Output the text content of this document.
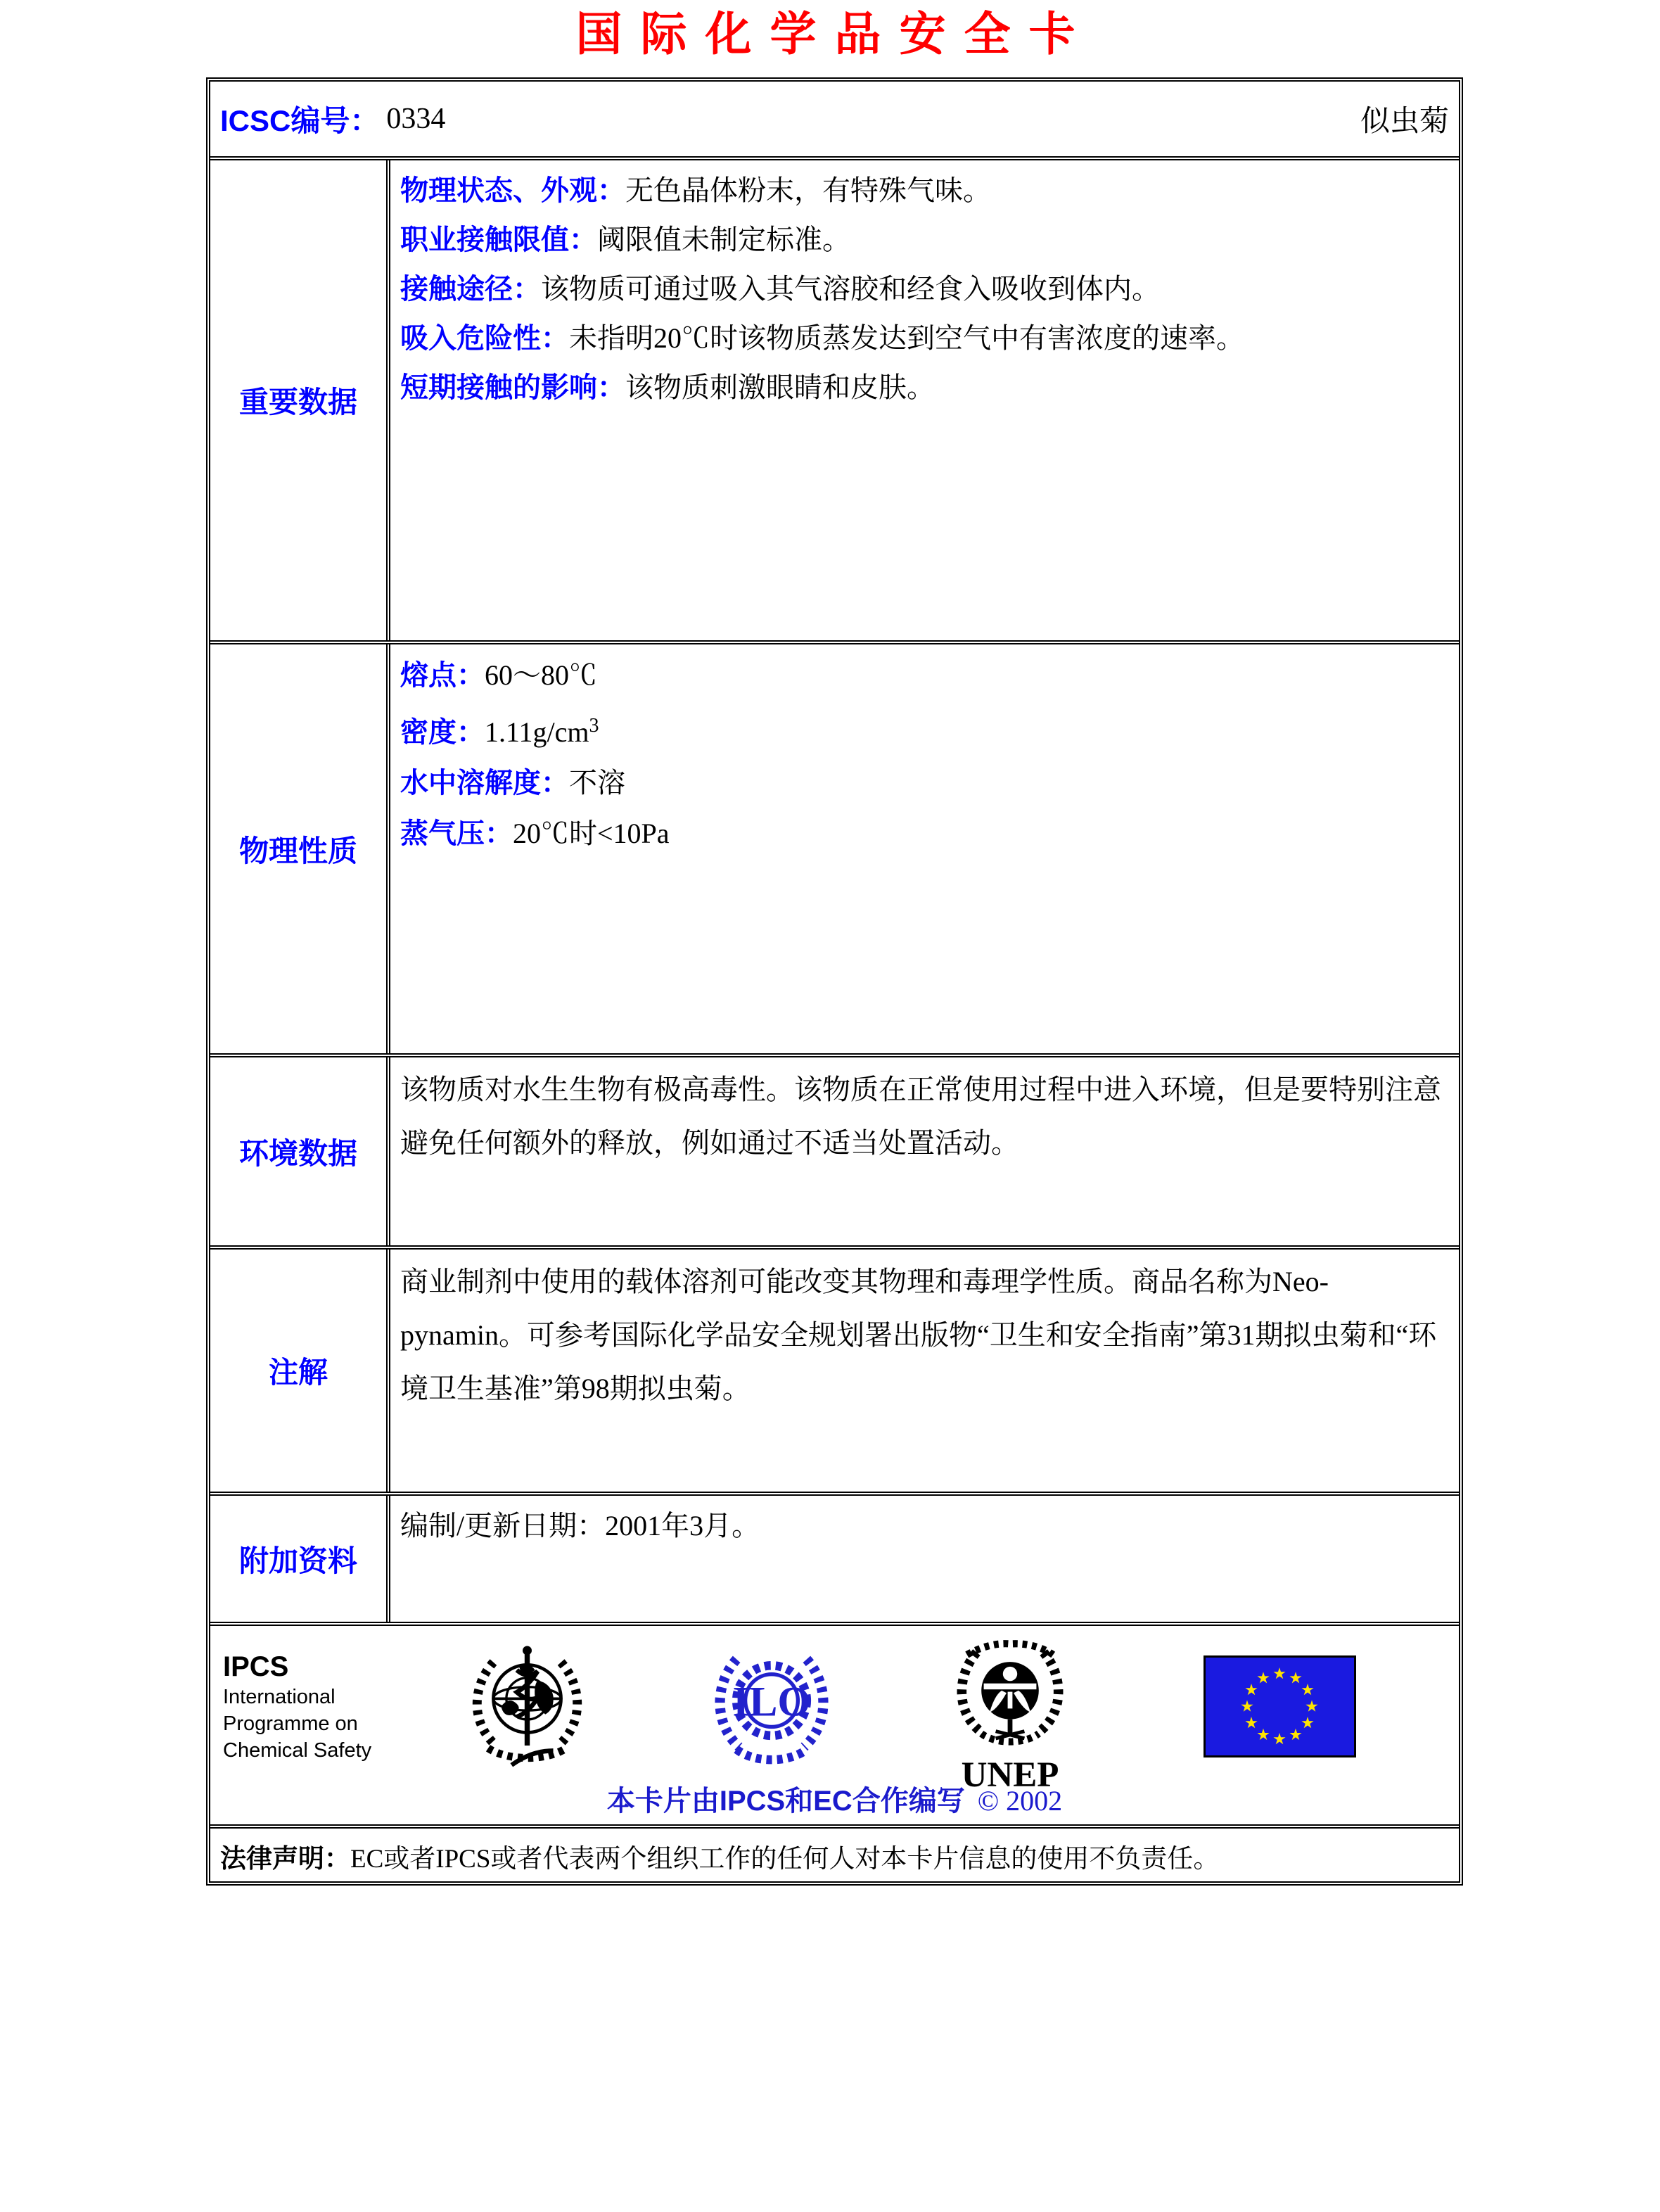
国际化学品安全卡
ICSC编号： 0334	似虫菊
重要数据

物理状态、外观：无色晶体粉末，有特殊气味。

职业接触限值：阈限值未制定标准。

接触途径：该物质可通过吸入其气溶胶和经食入吸收到体内。

吸入危险性：未指明20℃时该物质蒸发达到空气中有害浓度的速率。

短期接触的影响：该物质刺激眼睛和皮肤。

物理性质

熔点：60～80℃

密度：$1.11g/cm^3$

水中溶解度：不溶

蒸气压：20℃时<10Pa

环境数据

该物质对水生生物有极高毒性。该物质在正常使用过程中进入环境，但是要特别注意避免任何额外的释放，例如通过不适当处置活动。

注解

商业制剂中使用的载体溶剂可能改变其物理和毒理学性质。商品名称为Neo-pynamin。可参考国际化学品安全规划署出版物“卫生和安全指南”第31期拟虫菊和“环境卫生基准”第98期拟虫菊。

附加资料

编制/更新日期：2001年3月。

IPCS
International
Programme on
Chemical Safety
ILO
UNEP
本卡片由IPCS和EC合作编写 © 2002
法律声明：EC或者IPCS或者代表两个组织工作的任何人对本卡片信息的使用不负责任。
